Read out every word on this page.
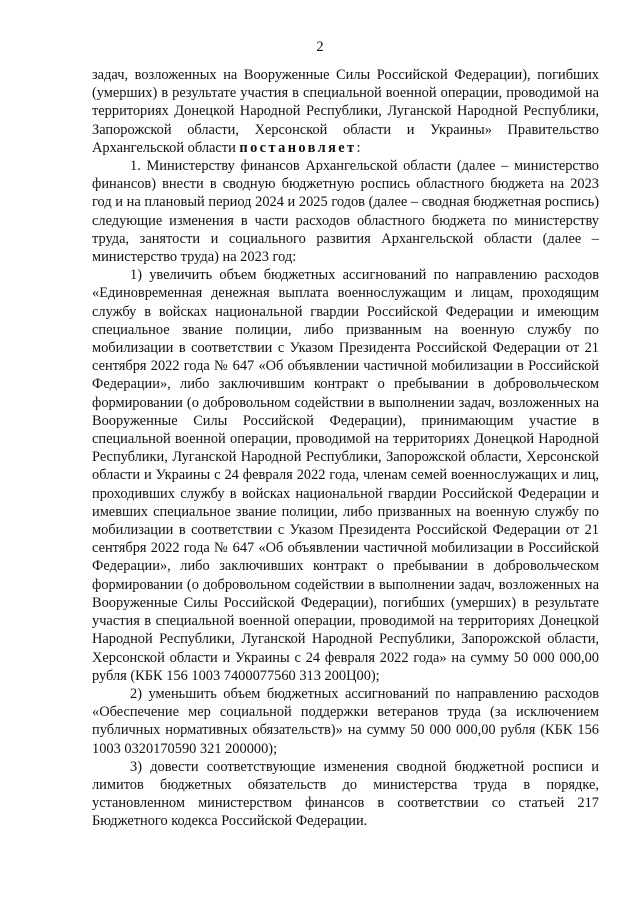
2

задач, возложенных на Вооруженные Силы Российской Федерации), погибших (умерших) в результате участия в специальной военной операции, проводимой на территориях Донецкой Народной Республики, Луганской Народной Республики, Запорожской области, Херсонской области и Украины» Правительство Архангельской области постановляет:

1. Министерству финансов Архангельской области (далее – министерство финансов) внести в сводную бюджетную роспись областного бюджета на 2023 год и на плановый период 2024 и 2025 годов (далее – сводная бюджетная роспись) следующие изменения в части расходов областного бюджета по министерству труда, занятости и социального развития Архангельской области (далее – министерство труда) на 2023 год:

1) увеличить объем бюджетных ассигнований по направлению расходов «Единовременная денежная выплата военнослужащим и лицам, проходящим службу в войсках национальной гвардии Российской Федерации и имеющим специальное звание полиции, либо призванным на военную службу по мобилизации в соответствии с Указом Президента Российской Федерации от 21 сентября 2022 года № 647 «Об объявлении частичной мобилизации в Российской Федерации», либо заключившим контракт о пребывании в добровольческом формировании (о добровольном содействии в выполнении задач, возложенных на Вооруженные Силы Российской Федерации), принимающим участие в специальной военной операции, проводимой на территориях Донецкой Народной Республики, Луганской Народной Республики, Запорожской области, Херсонской области и Украины с 24 февраля 2022 года, членам семей военнослужащих и лиц, проходивших службу в войсках национальной гвардии Российской Федерации и имевших специальное звание полиции, либо призванных на военную службу по мобилизации в соответствии с Указом Президента Российской Федерации от 21 сентября 2022 года № 647 «Об объявлении частичной мобилизации в Российской Федерации», либо заключивших контракт о пребывании в добровольческом формировании (о добровольном содействии в выполнении задач, возложенных на Вооруженные Силы Российской Федерации), погибших (умерших) в результате участия в специальной военной операции, проводимой на территориях Донецкой Народной Республики, Луганской Народной Республики, Запорожской области, Херсонской области и Украины с 24 февраля 2022 года» на сумму 50 000 000,00 рубля (КБК 156 1003 7400077560 313 200Ц00);

2) уменьшить объем бюджетных ассигнований по направлению расходов «Обеспечение мер социальной поддержки ветеранов труда (за исключением публичных нормативных обязательств)» на сумму 50 000 000,00 рубля (КБК 156 1003 0320170590 321 200000);

3) довести соответствующие изменения сводной бюджетной росписи и лимитов бюджетных обязательств до министерства труда в порядке, установленном министерством финансов в соответствии со статьей 217 Бюджетного кодекса Российской Федерации.
